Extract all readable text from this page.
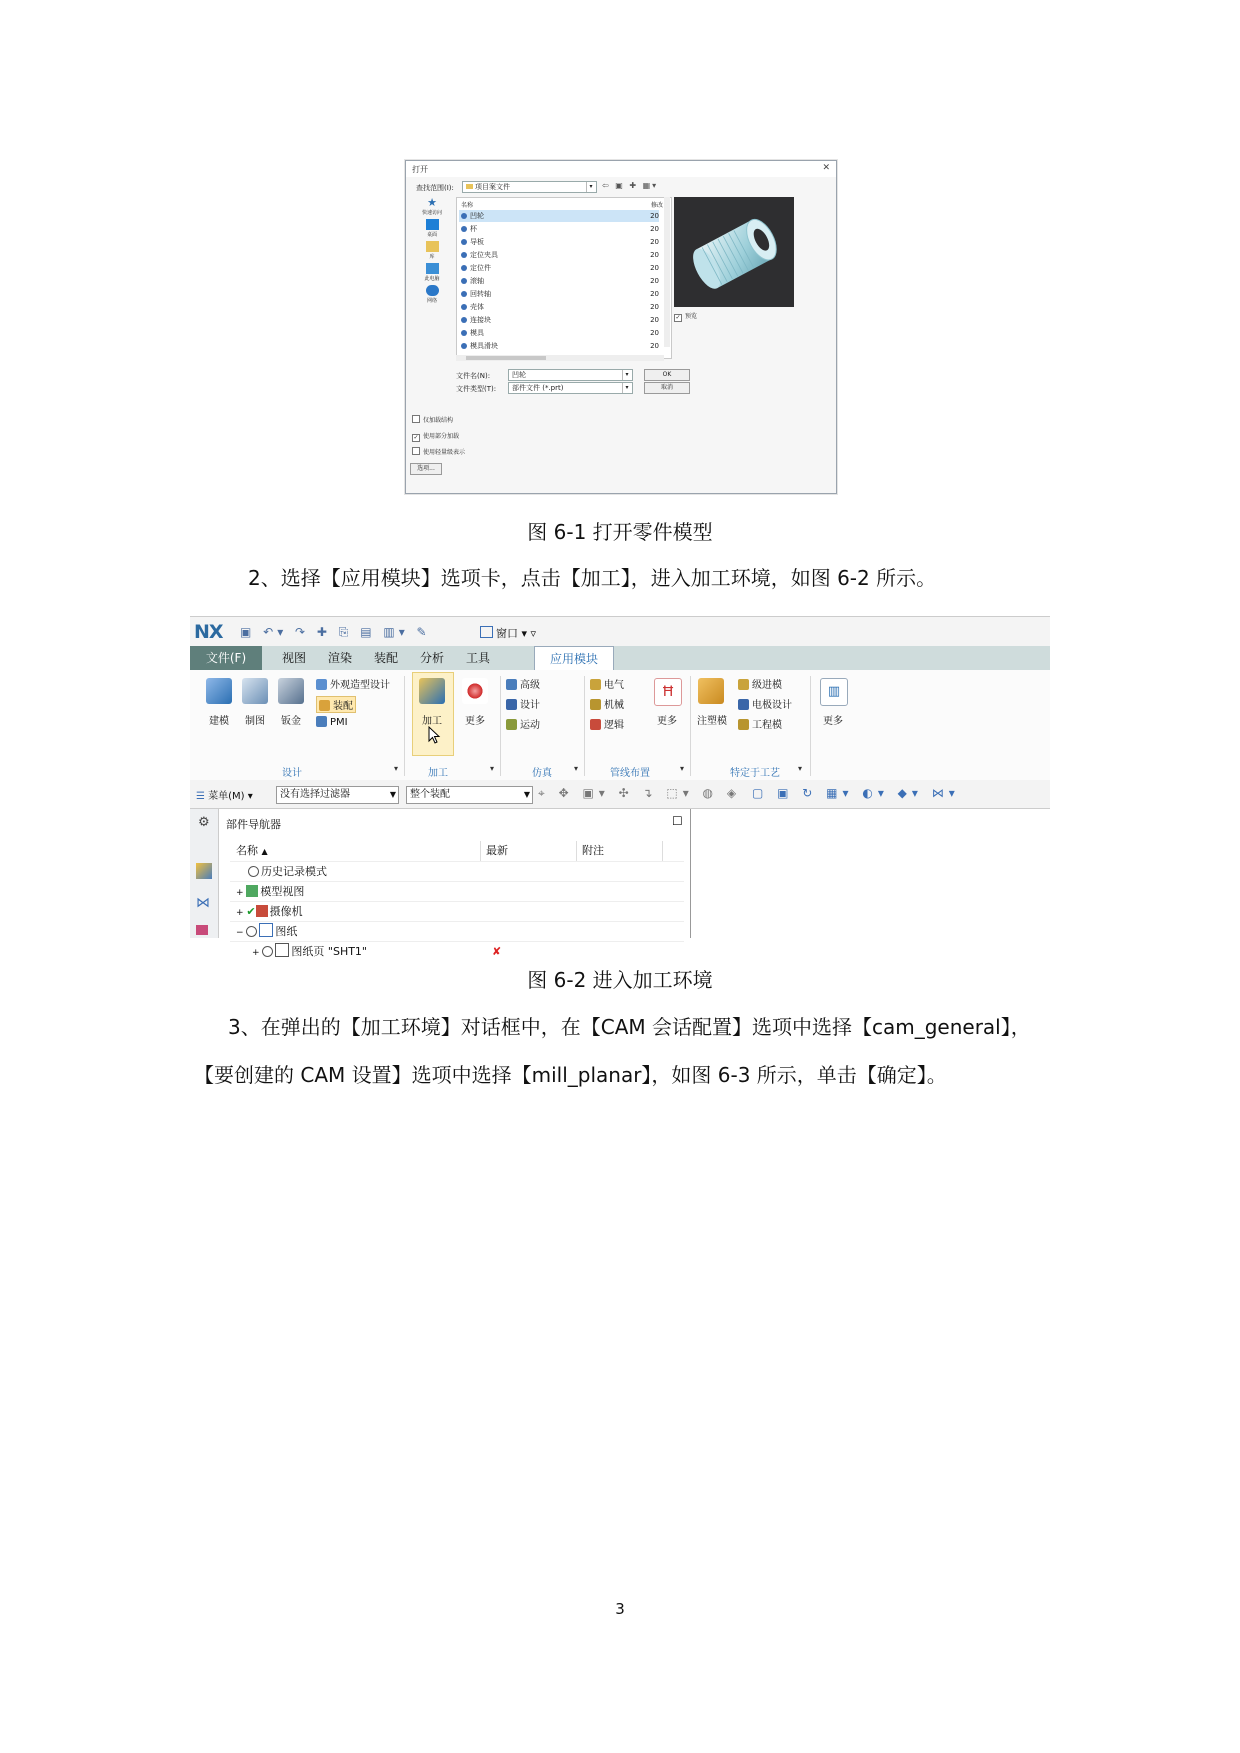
打开	✕
查找范围(I):	项目案文件	▾	⇦ ▣ ✚ ▦▾
★
快速访问
桌面
库
此电脑
网络
名称	修改
凹轮	20
杯	20
导板	20
定位夹具	20
定位件	20
滚轴	20
回转轴	20
壳体	20
连接块	20
模具	20
模具滑块	20
✓ 预览
文件名(N):	凹轮	▾
文件类型(T):	部件文件 (*.prt)	▾
OK
取消
仅加载结构
✓ 使用部分加载
使用轻量级表示
选项...
图 6-1 打开零件模型
2、选择【应用模块】选项卡，点击【加工】，进入加工环境，如图 6-2 所示。
NX ▣ ↶▾ ↷ ✚ ⎘ ▤ ▥▾ ✎	窗口 ▾ ▿
文件(F)	视图	渲染	装配	分析	工具	应用模块
建模	制图	钣金
外观造型设计
装配
PMI
设计	▾
加工	更多
加工	▾
高级
设计
运动
仿真	▾
电气
机械
逻辑
Ħ
更多
管线布置	▾
注塑模
级进模
电极设计
工程模
特定于工艺 ▾
▥
更多
☰ 菜单(M) ▾	没有选择过滤器	▼	整个装配	▼ ⌖ ✥ ▣▾ ✣ ↴ ⬚▾ ◍ ◈ ▢ ▣ ↻ ▦▾ ◐▾ ◆▾ ⋈▾
⚙
⋈
部件导航器	☐
名称 ▲	最新	附注
历史记录模式
+ 模型视图
+ ✔ 摄像机
−	图纸
+	图纸页 "SHT1"	✘
图 6-2 进入加工环境
3、在弹出的【加工环境】对话框中，在【CAM 会话配置】选项中选择【cam_general】，
【要创建的 CAM 设置】选项中选择【mill_planar】，如图 6-3 所示，单击【确定】。
3
